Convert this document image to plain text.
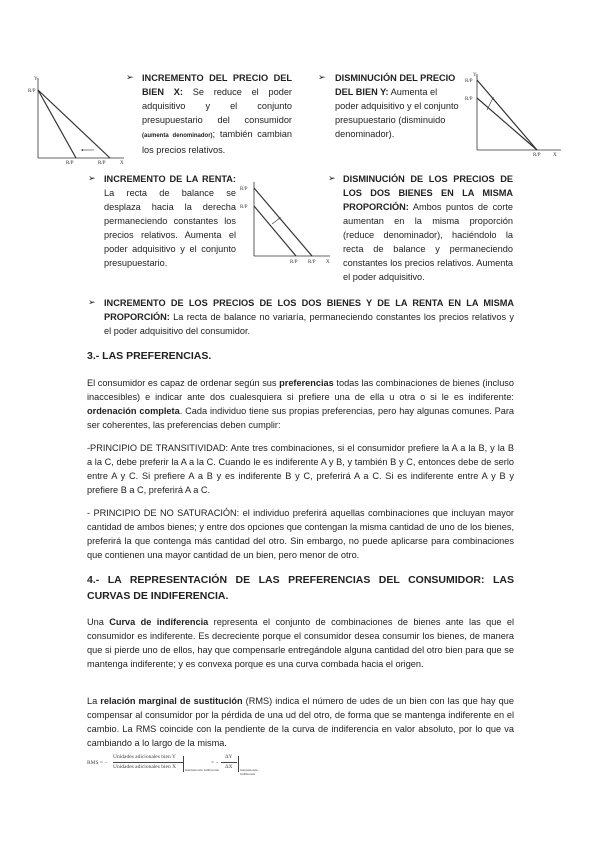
Y
R/P
R/P	R/P	X
➢ INCREMENTO DEL PRECIO DEL BIEN X: Se reduce el poder adquisitivo y el conjunto presupuestario del consumidor (aumenta denominador); también cambian los precios relativos.
➢ DISMINUCIÓN DEL PRECIO DEL BIEN Y: Aumenta el poder adquisitivo y el conjunto presupuestario (disminuido denominador).
Y
R/P
R/P
R/P X
➢ INCREMENTO DE LA RENTA: La recta de balance se desplaza hacia la derecha permaneciendo constantes los precios relativos. Aumenta el poder adquisitivo y el conjunto presupuestario.
R/P
R/P
R/P R/P X
➢ DISMINUCIÓN DE LOS PRECIOS DE LOS DOS BIENES EN LA MISMA PROPORCIÓN: Ambos puntos de corte aumentan en la misma proporción (reduce denominador), haciéndolo la recta de balance y permaneciendo constantes los precios relativos. Aumenta el poder adquisitivo.
➢ INCREMENTO DE LOS PRECIOS DE LOS DOS BIENES Y DE LA RENTA EN LA MISMA PROPORCIÓN: La recta de balance no variaría, permaneciendo constantes los precios relativos y el poder adquisitivo del consumidor.
3.- LAS PREFERENCIAS.
El consumidor es capaz de ordenar según sus preferencias todas las combinaciones de bienes (incluso inaccesibles) e indicar ante dos cualesquiera si prefiere una de ella u otra o si le es indiferente: ordenación completa. Cada individuo tiene sus propias preferencias, pero hay algunas comunes. Para ser coherentes, las preferencias deben cumplir:
-PRINCIPIO DE TRANSITIVIDAD: Ante tres combinaciones, si el consumidor prefiere la A a la B, y la B a la C, debe preferir la A a la C. Cuando le es indiferente A y B, y también B y C, entonces debe de serlo entre A y C. Si prefiere A a B y es indiferente B y C, preferirá A a C. Si es indiferente entre A y B y prefiere B a C, preferirá A a C.
- PRINCIPIO DE NO SATURACIÓN: el individuo preferirá aquellas combinaciones que incluyan mayor cantidad de ambos bienes; y entre dos opciones que contengan la misma cantidad de uno de los bienes, preferirá la que contenga más cantidad del otro. Sin embargo, no puede aplicarse para combinaciones que contienen una mayor cantidad de un bien, pero menor de otro.
4.- LA REPRESENTACIÓN DE LAS PREFERENCIAS DEL CONSUMIDOR: LAS CURVAS DE INDIFERENCIA.
Una Curva de indiferencia representa el conjunto de combinaciones de bienes ante las que el consumidor es indiferente. Es decreciente porque el consumidor desea consumir los bienes, de manera que si pierde uno de ellos, hay que compensarle entregándole alguna cantidad del otro bien para que se mantenga indiferente; y es convexa porque es una curva combada hacia el origen.
La relación marginal de sustitución (RMS) indica el número de udes de un bien con las que hay que compensar al consumidor por la pérdida de una ud del otro, de forma que se mantenga indiferente en el cambio. La RMS coincide con la pendiente de la curva de indiferencia en valor absoluto, por lo que va cambiando a lo largo de la misma.
RMS = −
Unidades adicionales bien Y
Unidades adicionales bien X	manteniendo indiferente
= −
ΔY
ΔX manteniendo indiferente
